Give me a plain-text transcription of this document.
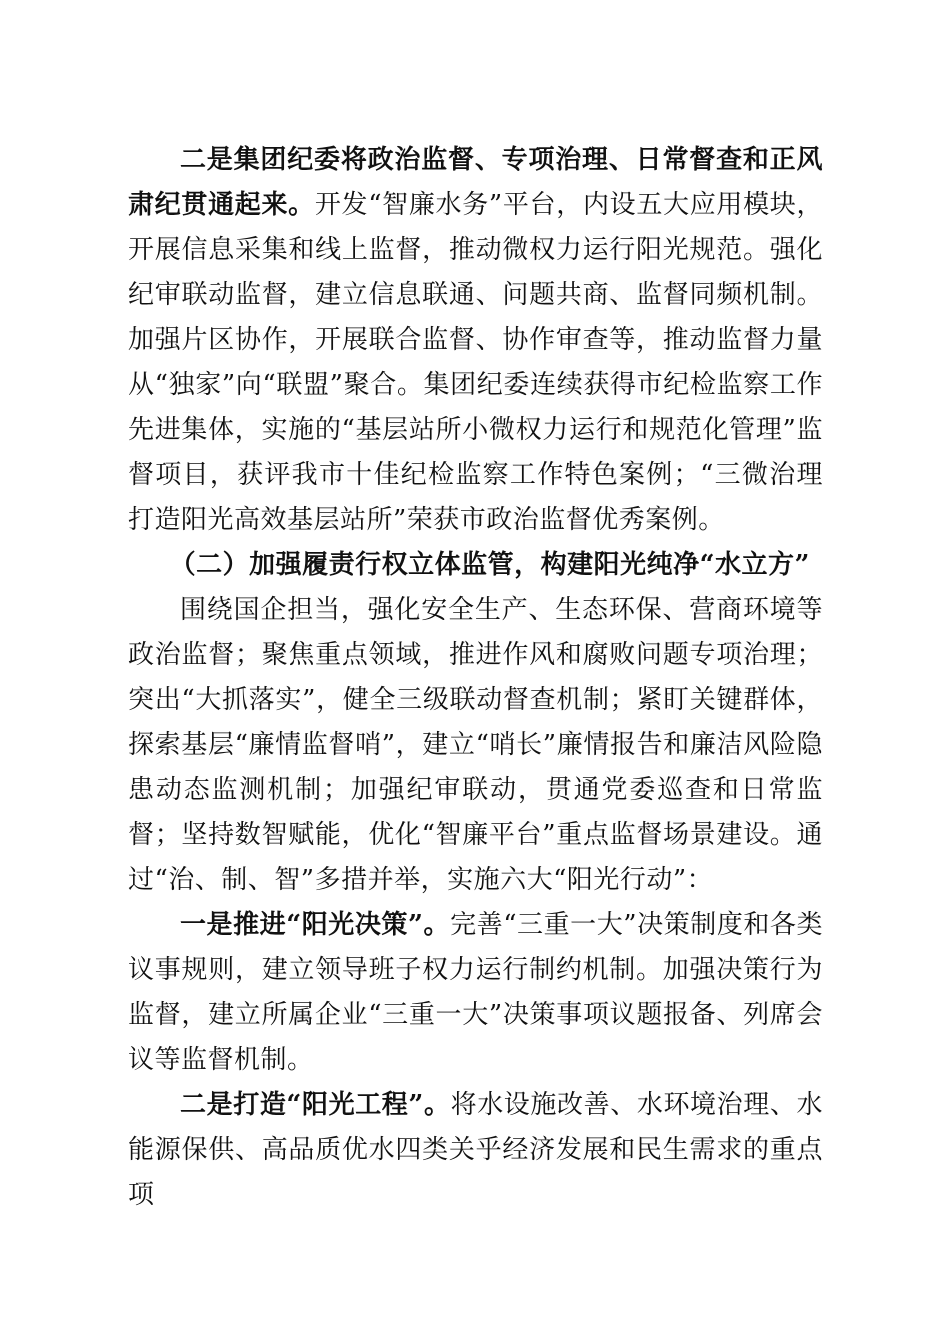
二是集团纪委将政治监督、专项治理、日常督查和正风肃纪贯通起来。开发“智廉水务”平台，内设五大应用模块，开展信息采集和线上监督，推动微权力运行阳光规范。强化纪审联动监督，建立信息联通、问题共商、监督同频机制。加强片区协作，开展联合监督、协作审查等，推动监督力量从“独家”向“联盟”聚合。集团纪委连续获得市纪检监察工作先进集体，实施的“基层站所小微权力运行和规范化管理”监督项目，获评我市十佳纪检监察工作特色案例；“三微治理打造阳光高效基层站所”荣获市政治监督优秀案例。

（二）加强履责行权立体监管，构建阳光纯净“水立方”

围绕国企担当，强化安全生产、生态环保、营商环境等政治监督；聚焦重点领域，推进作风和腐败问题专项治理；突出“大抓落实”，健全三级联动督查机制；紧盯关键群体，探索基层“廉情监督哨”，建立“哨长”廉情报告和廉洁风险隐患动态监测机制；加强纪审联动，贯通党委巡查和日常监督；坚持数智赋能，优化“智廉平台”重点监督场景建设。通过“治、制、智”多措并举，实施六大“阳光行动”：

一是推进“阳光决策”。完善“三重一大”决策制度和各类议事规则，建立领导班子权力运行制约机制。加强决策行为监督，建立所属企业“三重一大”决策事项议题报备、列席会议等监督机制。

二是打造“阳光工程”。将水设施改善、水环境治理、水能源保供、高品质优水四类关乎经济发展和民生需求的重点项
